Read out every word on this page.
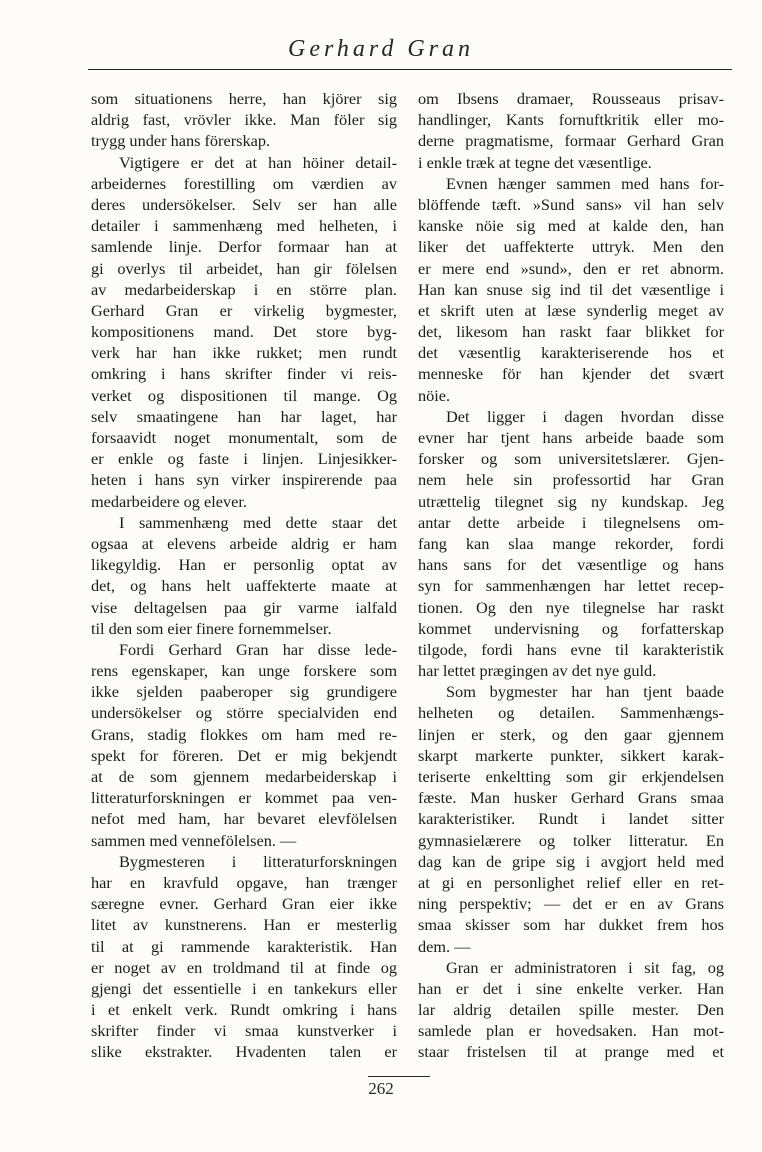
Gerhard Gran
som situationens herre, han kjörer sig
aldrig fast, vrövler ikke. Man föler sig
trygg under hans förerskap.
Vigtigere er det at han höiner detail-
arbeidernes forestilling om værdien av
deres undersökelser. Selv ser han alle
detailer i sammenhæng med helheten, i
samlende linje. Derfor formaar han at
gi overlys til arbeidet, han gir fölelsen
av medarbeiderskap i en större plan.
Gerhard Gran er virkelig bygmester,
kompositionens mand. Det store byg-
verk har han ikke rukket; men rundt
omkring i hans skrifter finder vi reis-
verket og dispositionen til mange. Og
selv smaatingene han har laget, har
forsaavidt noget monumentalt, som de
er enkle og faste i linjen. Linjesikker-
heten i hans syn virker inspirerende paa
medarbeidere og elever.
I sammenhæng med dette staar det
ogsaa at elevens arbeide aldrig er ham
likegyldig. Han er personlig optat av
det, og hans helt uaffekterte maate at
vise deltagelsen paa gir varme ialfald
til den som eier finere fornemmelser.
Fordi Gerhard Gran har disse lede-
rens egenskaper, kan unge forskere som
ikke sjelden paaberoper sig grundigere
undersökelser og större specialviden end
Grans, stadig flokkes om ham med re-
spekt for föreren. Det er mig bekjendt
at de som gjennem medarbeiderskap i
litteraturforskningen er kommet paa ven-
nefot med ham, har bevaret elevfölelsen
sammen med vennefölelsen. —
Bygmesteren i litteraturforskningen
har en kravfuld opgave, han trænger
særegne evner. Gerhard Gran eier ikke
litet av kunstnerens. Han er mesterlig
til at gi rammende karakteristik. Han
er noget av en troldmand til at finde og
gjengi det essentielle i en tankekurs eller
i et enkelt verk. Rundt omkring i hans
skrifter finder vi smaa kunstverker i
slike ekstrakter. Hvadenten talen er
om Ibsens dramaer, Rousseaus prisav-
handlinger, Kants fornuftkritik eller mo-
derne pragmatisme, formaar Gerhard Gran
i enkle træk at tegne det væsentlige.
Evnen hænger sammen med hans for-
blöffende tæft. »Sund sans» vil han selv
kanske nöie sig med at kalde den, han
liker det uaffekterte uttryk. Men den
er mere end »sund», den er ret abnorm.
Han kan snuse sig ind til det væsentlige i
et skrift uten at læse synderlig meget av
det, likesom han raskt faar blikket for
det væsentlig karakteriserende hos et
menneske för han kjender det svært
nöie.
Det ligger i dagen hvordan disse
evner har tjent hans arbeide baade som
forsker og som universitetslærer. Gjen-
nem hele sin professortid har Gran
utrættelig tilegnet sig ny kundskap. Jeg
antar dette arbeide i tilegnelsens om-
fang kan slaa mange rekorder, fordi
hans sans for det væsentlige og hans
syn for sammenhængen har lettet recep-
tionen. Og den nye tilegnelse har raskt
kommet undervisning og forfatterskap
tilgode, fordi hans evne til karakteristik
har lettet prægingen av det nye guld.
Som bygmester har han tjent baade
helheten og detailen. Sammenhængs-
linjen er sterk, og den gaar gjennem
skarpt markerte punkter, sikkert karak-
teriserte enkeltting som gir erkjendelsen
fæste. Man husker Gerhard Grans smaa
karakteristiker. Rundt i landet sitter
gymnasielærere og tolker litteratur. En
dag kan de gripe sig i avgjort held med
at gi en personlighet relief eller en ret-
ning perspektiv; — det er en av Grans
smaa skisser som har dukket frem hos
dem. —
Gran er administratoren i sit fag, og
han er det i sine enkelte verker. Han
lar aldrig detailen spille mester. Den
samlede plan er hovedsaken. Han mot-
staar fristelsen til at prange med et
262
